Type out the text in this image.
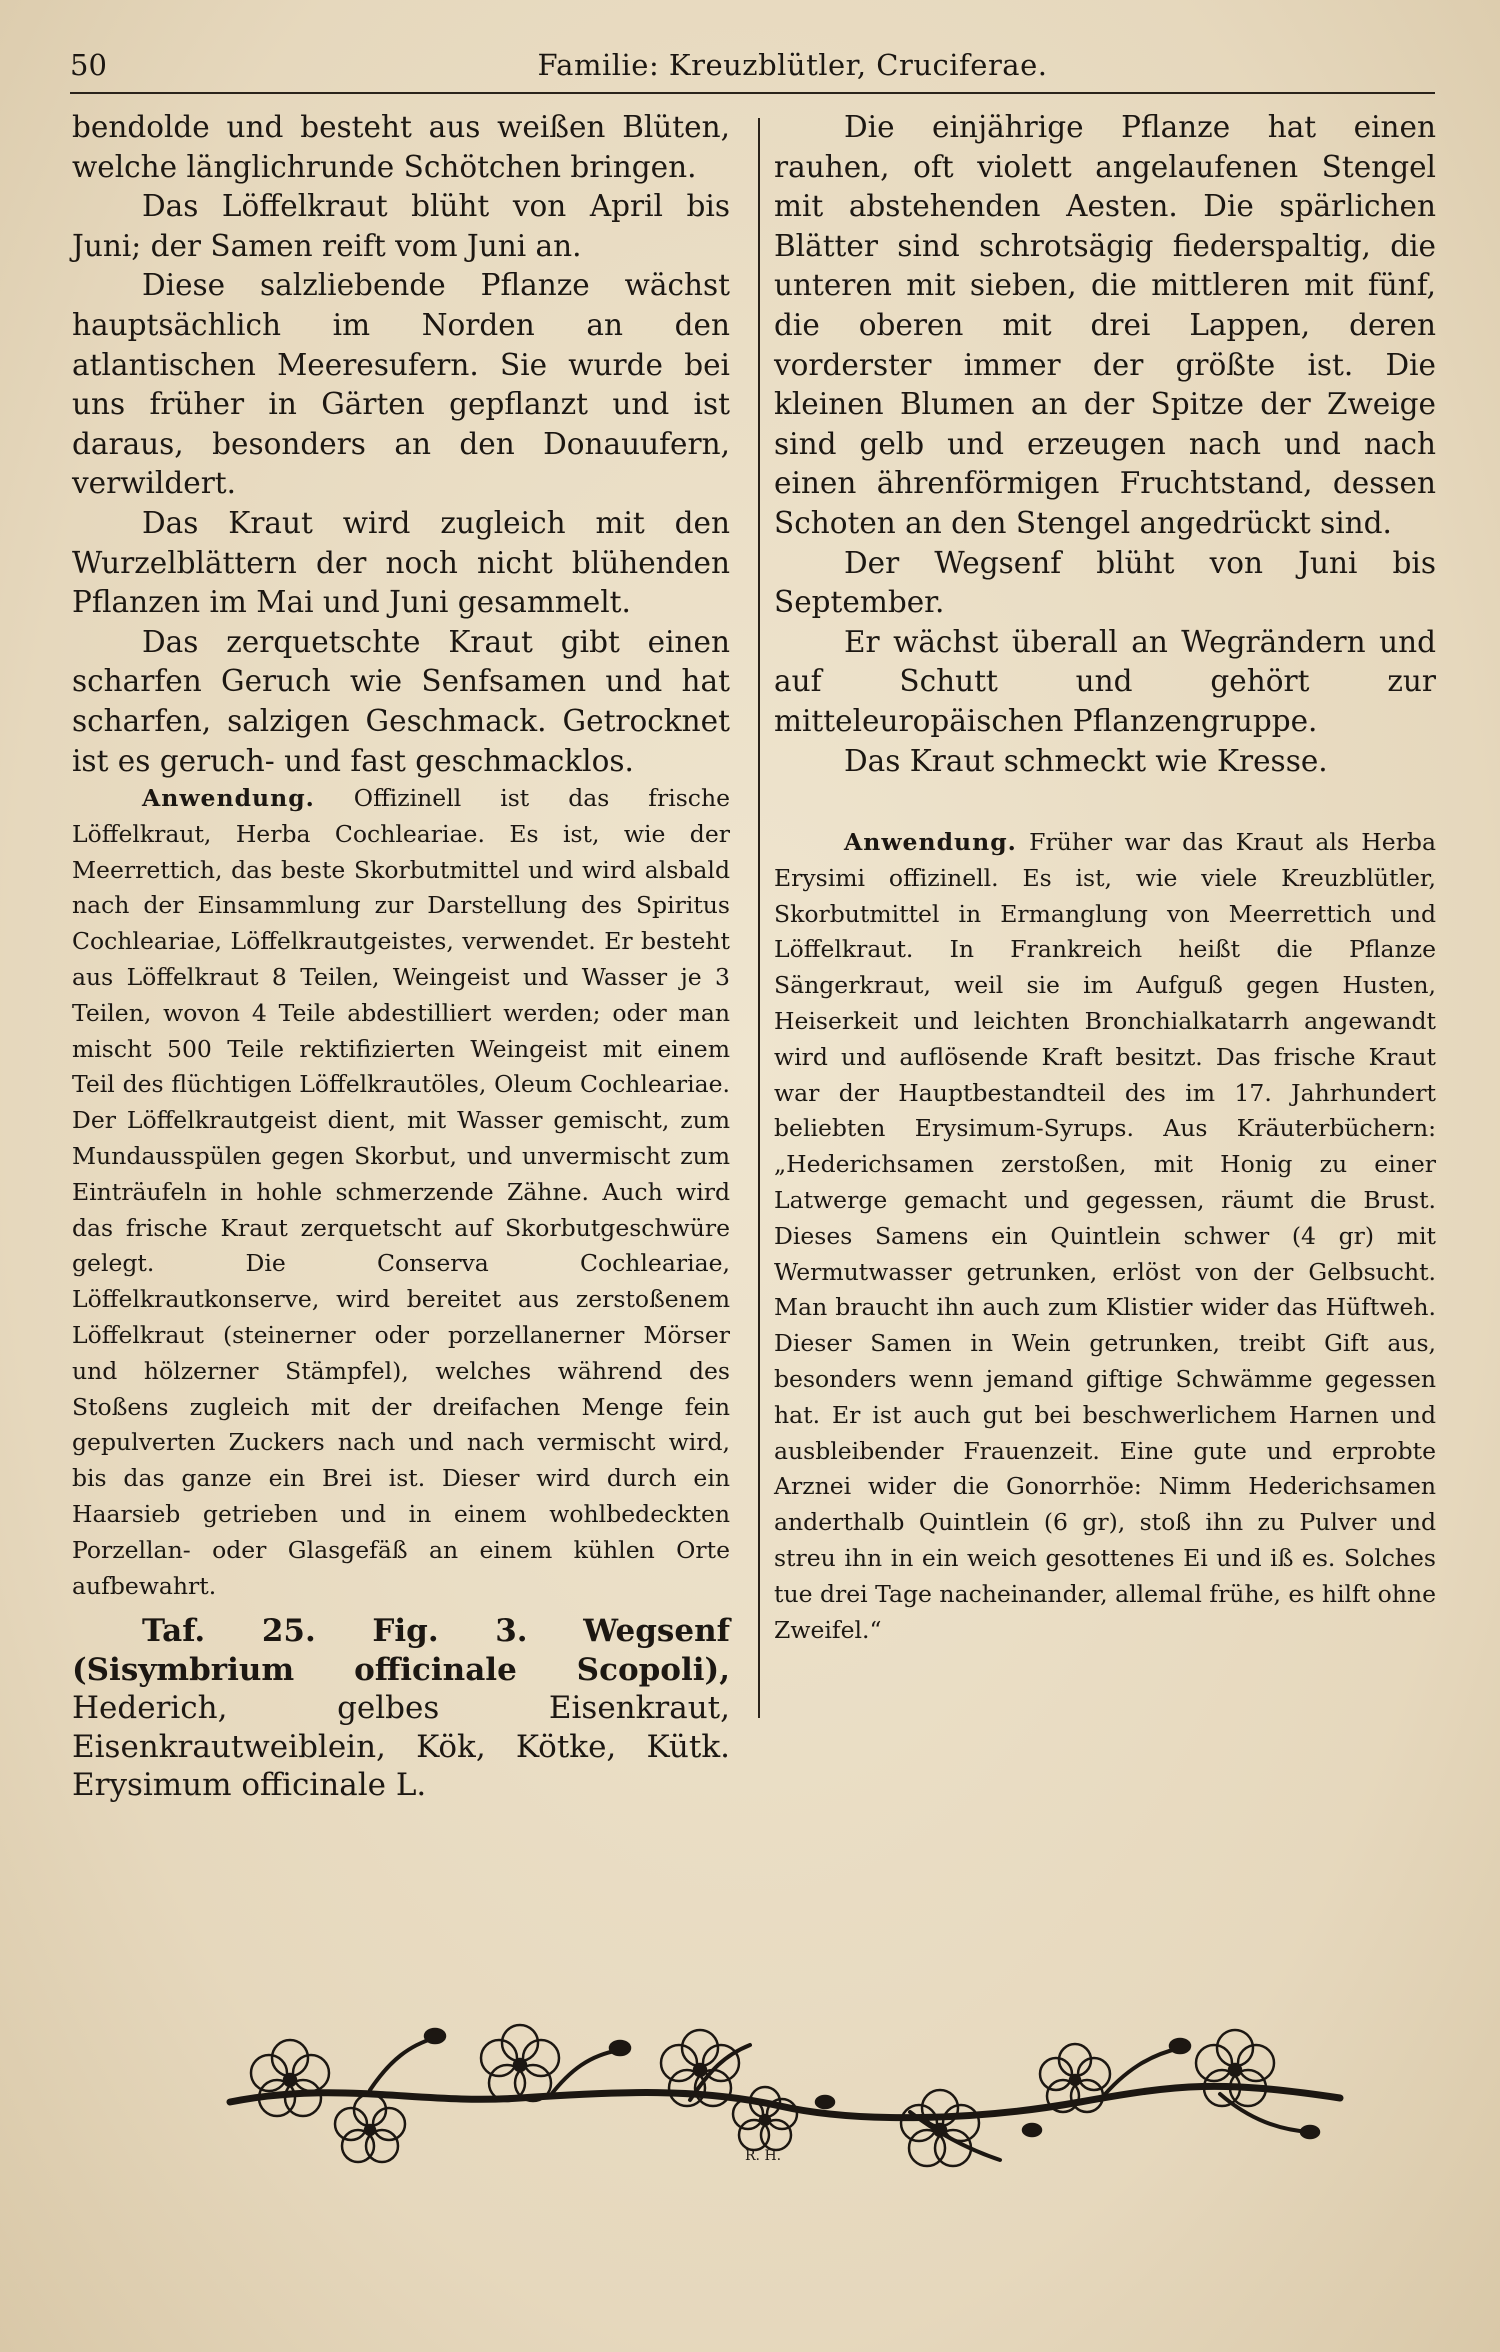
50	Familie: Kreuzblütler, Cruciferae.

bendolde und besteht aus weißen Blüten, welche länglichrunde Schötchen bringen.

Das Löffelkraut blüht von April bis Juni; der Samen reift vom Juni an.

Diese salzliebende Pflanze wächst hauptsächlich im Norden an den atlantischen Meeresufern. Sie wurde bei uns früher in Gärten gepflanzt und ist daraus, besonders an den Donauufern, verwildert.

Das Kraut wird zugleich mit den Wurzelblättern der noch nicht blühenden Pflanzen im Mai und Juni gesammelt.

Das zerquetschte Kraut gibt einen scharfen Geruch wie Senfsamen und hat scharfen, salzigen Geschmack. Getrocknet ist es geruch- und fast geschmacklos.

Anwendung. Offizinell ist das frische Löffelkraut, Herba Cochleariae. Es ist, wie der Meerrettich, das beste Skorbutmittel und wird alsbald nach der Einsammlung zur Darstellung des Spiritus Cochleariae, Löffelkrautgeistes, verwendet. Er besteht aus Löffelkraut 8 Teilen, Weingeist und Wasser je 3 Teilen, wovon 4 Teile abdestilliert werden; oder man mischt 500 Teile rektifizierten Weingeist mit einem Teil des flüchtigen Löffelkrautöles, Oleum Cochleariae. Der Löffelkrautgeist dient, mit Wasser gemischt, zum Mundausspülen gegen Skorbut, und unvermischt zum Einträufeln in hohle schmerzende Zähne. Auch wird das frische Kraut zerquetscht auf Skorbutgeschwüre gelegt. Die Conserva Cochleariae, Löffelkrautkonserve, wird bereitet aus zerstoßenem Löffelkraut (steinerner oder porzellanerner Mörser und hölzerner Stämpfel), welches während des Stoßens zugleich mit der dreifachen Menge fein gepulverten Zuckers nach und nach vermischt wird, bis das ganze ein Brei ist. Dieser wird durch ein Haarsieb getrieben und in einem wohlbedeckten Porzellan- oder Glasgefäß an einem kühlen Orte aufbewahrt.

Taf. 25. Fig. 3. Wegsenf (Sisymbrium officinale Scopoli), Hederich, gelbes Eisenkraut, Eisenkrautweiblein, Kök, Kötke, Kütk. Erysimum officinale L.

Die einjährige Pflanze hat einen rauhen, oft violett angelaufenen Stengel mit abstehenden Aesten. Die spärlichen Blätter sind schrotsägig fiederspaltig, die unteren mit sieben, die mittleren mit fünf, die oberen mit drei Lappen, deren vorderster immer der größte ist. Die kleinen Blumen an der Spitze der Zweige sind gelb und erzeugen nach und nach einen ährenförmigen Fruchtstand, dessen Schoten an den Stengel angedrückt sind.

Der Wegsenf blüht von Juni bis September.

Er wächst überall an Wegrändern und auf Schutt und gehört zur mitteleuropäischen Pflanzengruppe.

Das Kraut schmeckt wie Kresse.

Anwendung. Früher war das Kraut als Herba Erysimi offizinell. Es ist, wie viele Kreuzblütler, Skorbutmittel in Ermanglung von Meerrettich und Löffelkraut. In Frankreich heißt die Pflanze Sängerkraut, weil sie im Aufguß gegen Husten, Heiserkeit und leichten Bronchialkatarrh angewandt wird und auflösende Kraft besitzt. Das frische Kraut war der Hauptbestandteil des im 17. Jahrhundert beliebten Erysimum-Syrups. Aus Kräuterbüchern: „Hederichsamen zerstoßen, mit Honig zu einer Latwerge gemacht und gegessen, räumt die Brust. Dieses Samens ein Quintlein schwer (4 gr) mit Wermutwasser getrunken, erlöst von der Gelbsucht. Man braucht ihn auch zum Klistier wider das Hüftweh. Dieser Samen in Wein getrunken, treibt Gift aus, besonders wenn jemand giftige Schwämme gegessen hat. Er ist auch gut bei beschwerlichem Harnen und ausbleibender Frauenzeit. Eine gute und erprobte Arznei wider die Gonorrhöe: Nimm Hederichsamen anderthalb Quintlein (6 gr), stoß ihn zu Pulver und streu ihn in ein weich gesottenes Ei und iß es. Solches tue drei Tage nacheinander, allemal frühe, es hilft ohne Zweifel.“

R. H.
